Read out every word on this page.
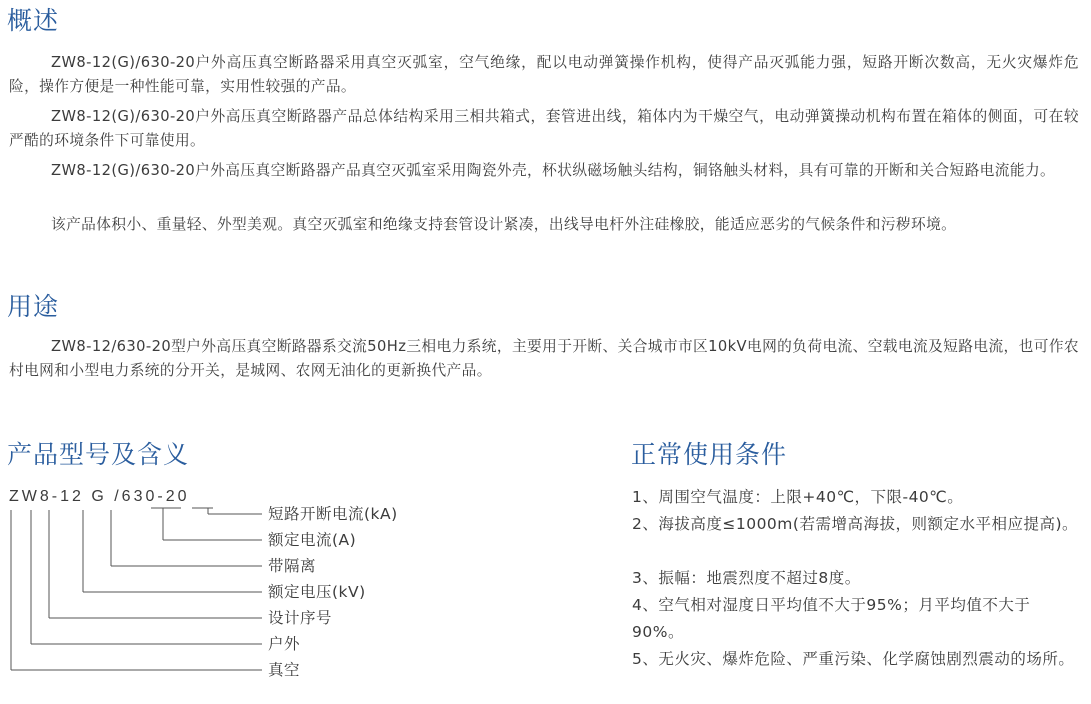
概述

ZW8-12(G)/630-20户外高压真空断路器采用真空灭弧室，空气绝缘，配以电动弹簧操作机构，使得产品灭弧能力强，短路开断次数高，无火灾爆炸危险，操作方便是一种性能可靠，实用性较强的产品。

ZW8-12(G)/630-20户外高压真空断路器产品总体结构采用三相共箱式，套管进出线，箱体内为干燥空气，电动弹簧操动机构布置在箱体的侧面，可在较严酷的环境条件下可靠使用。

ZW8-12(G)/630-20户外高压真空断路器产品真空灭弧室采用陶瓷外壳，杯状纵磁场触头结构，铜铬触头材料，具有可靠的开断和关合短路电流能力。

该产品体积小、重量轻、外型美观。真空灭弧室和绝缘支持套管设计紧凑，出线导电杆外注硅橡胶，能适应恶劣的气候条件和污秽环境。

用途

ZW8-12/630-20型户外高压真空断路器系交流50Hz三相电力系统，主要用于开断、关合城市市区10kV电网的负荷电流、空载电流及短路电流，也可作农村电网和小型电力系统的分开关，是城网、农网无油化的更新换代产品。

产品型号及含义
ZW8-12 G /630-20
短路开断电流(kA)
额定电流(A)
带隔离
额定电压(kV)
设计序号
户外
真空
正常使用条件

1、周围空气温度：上限+40℃，下限-40℃。

2、海拔高度≤1000m(若需增高海拔，则额定水平相应提高)。

3、振幅：地震烈度不超过8度。

4、空气相对湿度日平均值不大于95%；月平均值不大于90%。

5、无火灾、爆炸危险、严重污染、化学腐蚀剧烈震动的场所。
